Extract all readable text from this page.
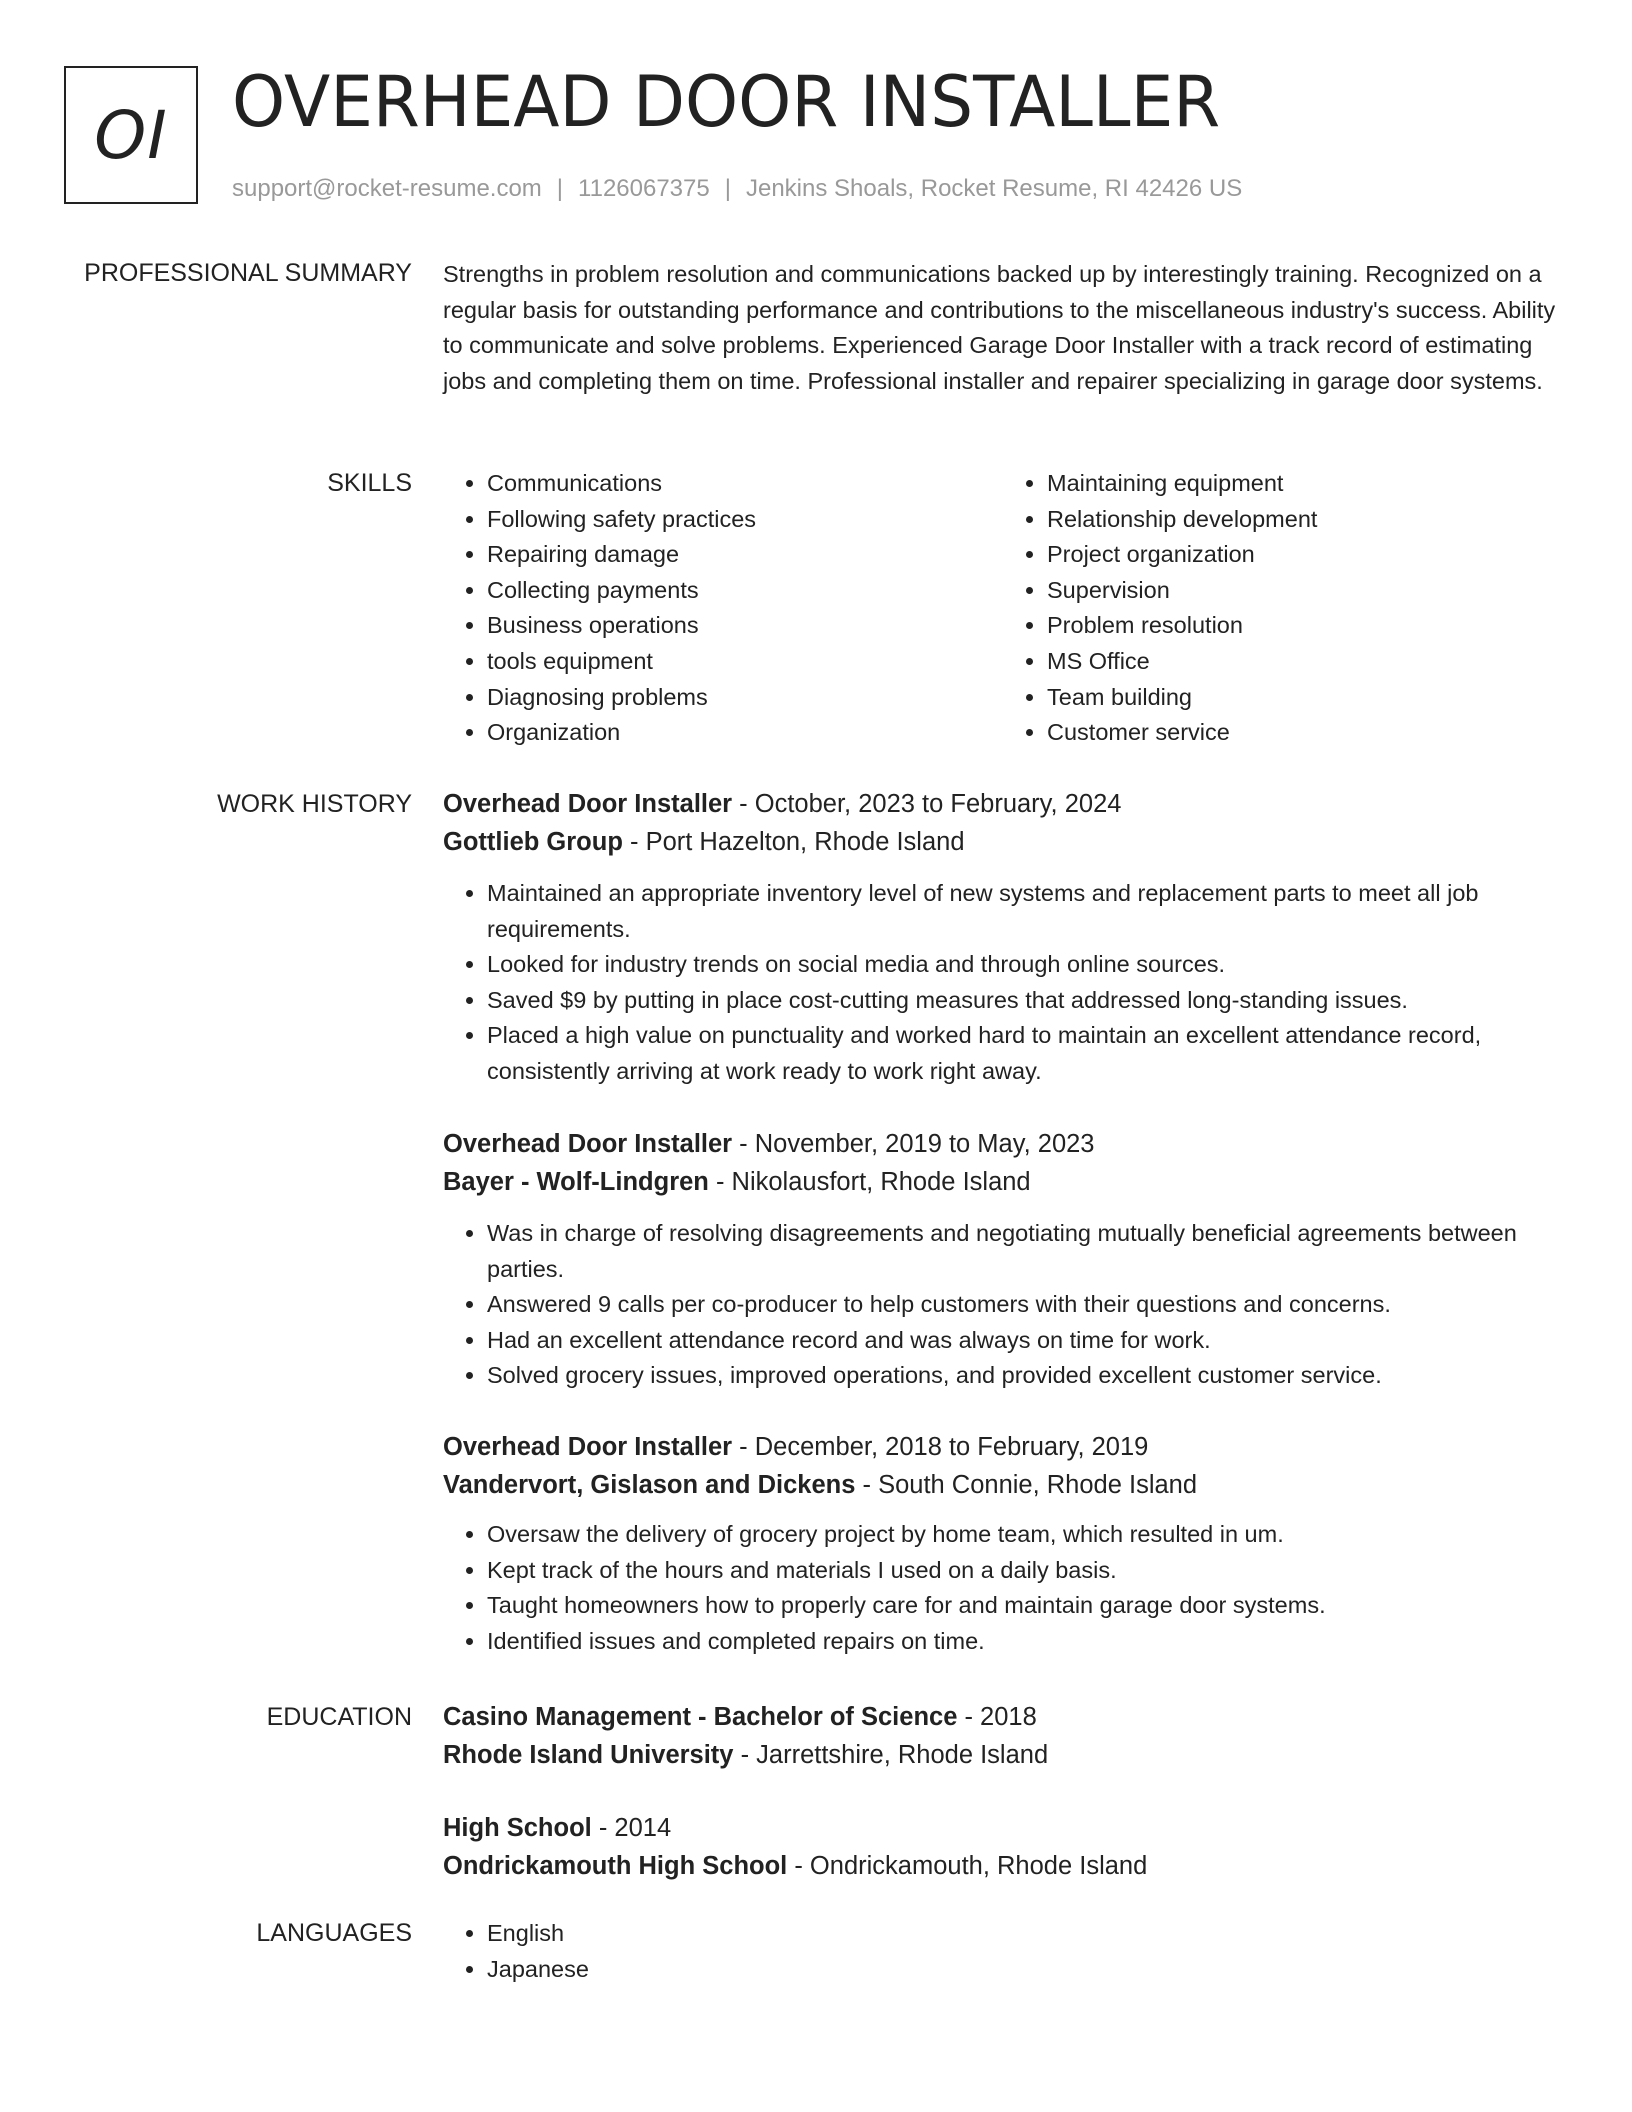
OI OVERHEAD DOOR INSTALLER
support@rocket-resume.com | 1126067375 | Jenkins Shoals, Rocket Resume, RI 42426 US
PROFESSIONAL SUMMARY Strengths in problem resolution and communications backed up by interestingly training. Recognized on a regular basis for outstanding performance and contributions to the miscellaneous industry's success. Ability to communicate and solve problems. Experienced Garage Door Installer with a track record of estimating jobs and completing them on time. Professional installer and repairer specializing in garage door systems.

SKILLS	• Communications
• Following safety practices
• Repairing damage
• Collecting payments
• Business operations
• tools equipment
• Diagnosing problems
• Organization
• Maintaining equipment
• Relationship development
• Project organization
• Supervision
• Problem resolution
• MS Office
• Team building
• Customer service
WORK HISTORY Overhead Door Installer - October, 2023 to February, 2024
Gottlieb Group - Port Hazelton, Rhode Island
• Maintained an appropriate inventory level of new systems and replacement parts to meet all job requirements.
• Looked for industry trends on social media and through online sources.
• Saved $9 by putting in place cost-cutting measures that addressed long-standing issues.
• Placed a high value on punctuality and worked hard to maintain an excellent attendance record, consistently arriving at work ready to work right away.
Overhead Door Installer - November, 2019 to May, 2023
Bayer - Wolf-Lindgren - Nikolausfort, Rhode Island
• Was in charge of resolving disagreements and negotiating mutually beneficial agreements between parties.
• Answered 9 calls per co-producer to help customers with their questions and concerns.
• Had an excellent attendance record and was always on time for work.
• Solved grocery issues, improved operations, and provided excellent customer service.
Overhead Door Installer - December, 2018 to February, 2019
Vandervort, Gislason and Dickens - South Connie, Rhode Island
• Oversaw the delivery of grocery project by home team, which resulted in um.
• Kept track of the hours and materials I used on a daily basis.
• Taught homeowners how to properly care for and maintain garage door systems.
• Identified issues and completed repairs on time.
EDUCATION Casino Management - Bachelor of Science - 2018
Rhode Island University - Jarrettshire, Rhode Island
High School - 2014
Ondrickamouth High School - Ondrickamouth, Rhode Island
LANGUAGES	• English
• Japanese
